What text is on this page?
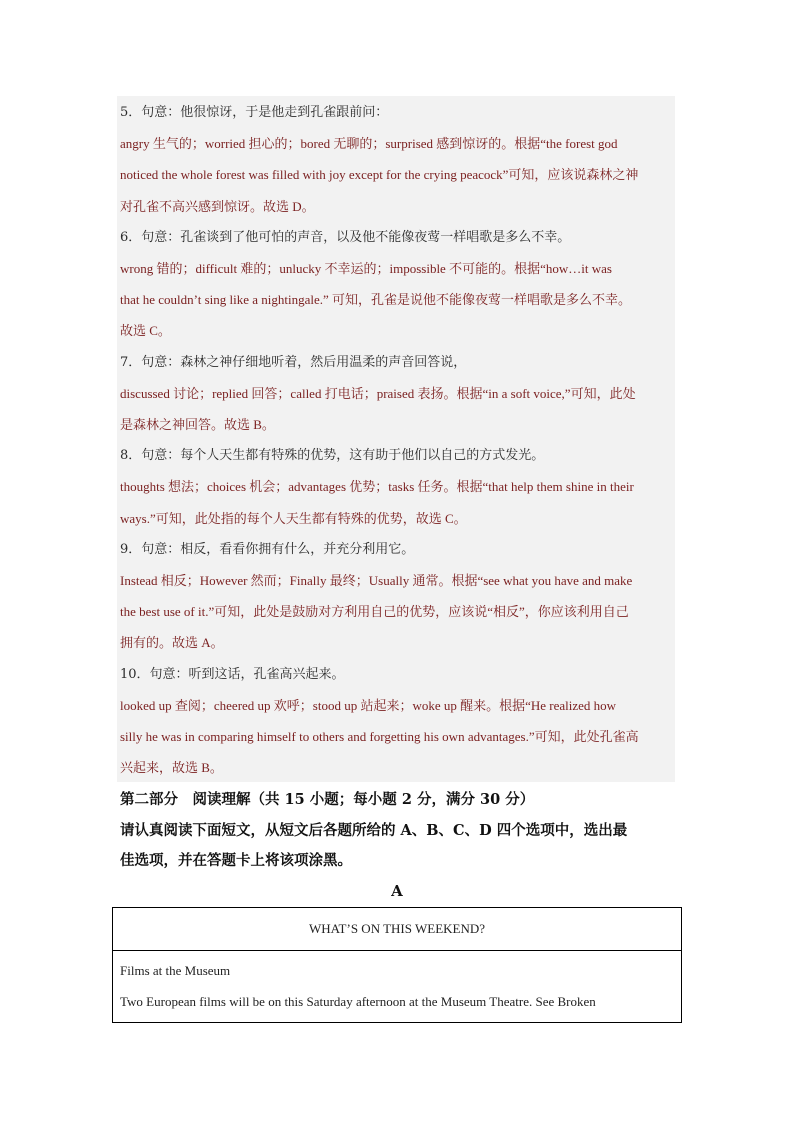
5．句意：他很惊讶，于是他走到孔雀跟前问：
angry 生气的；worried 担心的；bored 无聊的；surprised 感到惊讶的。根据“the forest god
noticed the whole forest was filled with joy except for the crying peacock”可知，应该说森林之神
对孔雀不高兴感到惊讶。故选 D。
6．句意：孔雀谈到了他可怕的声音，以及他不能像夜莺一样唱歌是多么不幸。
wrong 错的；difficult 难的；unlucky 不幸运的；impossible 不可能的。根据“how…it was
that he couldn’t sing like a nightingale.” 可知，孔雀是说他不能像夜莺一样唱歌是多么不幸。
故选 C。
7．句意：森林之神仔细地听着，然后用温柔的声音回答说，
discussed 讨论；replied 回答；called 打电话；praised 表扬。根据“in a soft voice,”可知，此处
是森林之神回答。故选 B。
8．句意：每个人天生都有特殊的优势，这有助于他们以自己的方式发光。
thoughts 想法；choices 机会；advantages 优势；tasks 任务。根据“that help them shine in their
ways.”可知，此处指的每个人天生都有特殊的优势，故选 C。
9．句意：相反，看看你拥有什么，并充分利用它。
Instead 相反；However 然而；Finally 最终；Usually 通常。根据“see what you have and make
the best use of it.”可知，此处是鼓励对方利用自己的优势，应该说“相反”，你应该利用自己
拥有的。故选 A。
10．句意：听到这话，孔雀高兴起来。
looked up 查阅；cheered up 欢呼；stood up 站起来；woke up 醒来。根据“He realized how
silly he was in comparing himself to others and forgetting his own advantages.”可知，此处孔雀高
兴起来，故选 B。
第二部分　阅读理解（共 15 小题；每小题 2 分，满分 30 分）
请认真阅读下面短文，从短文后各题所给的 A、B、C、D 四个选项中，选出最
佳选项，并在答题卡上将该项涂黑。
A
WHAT’S ON THIS WEEKEND?
Films at the Museum
Two European films will be on this Saturday afternoon at the Museum Theatre. See Broken
